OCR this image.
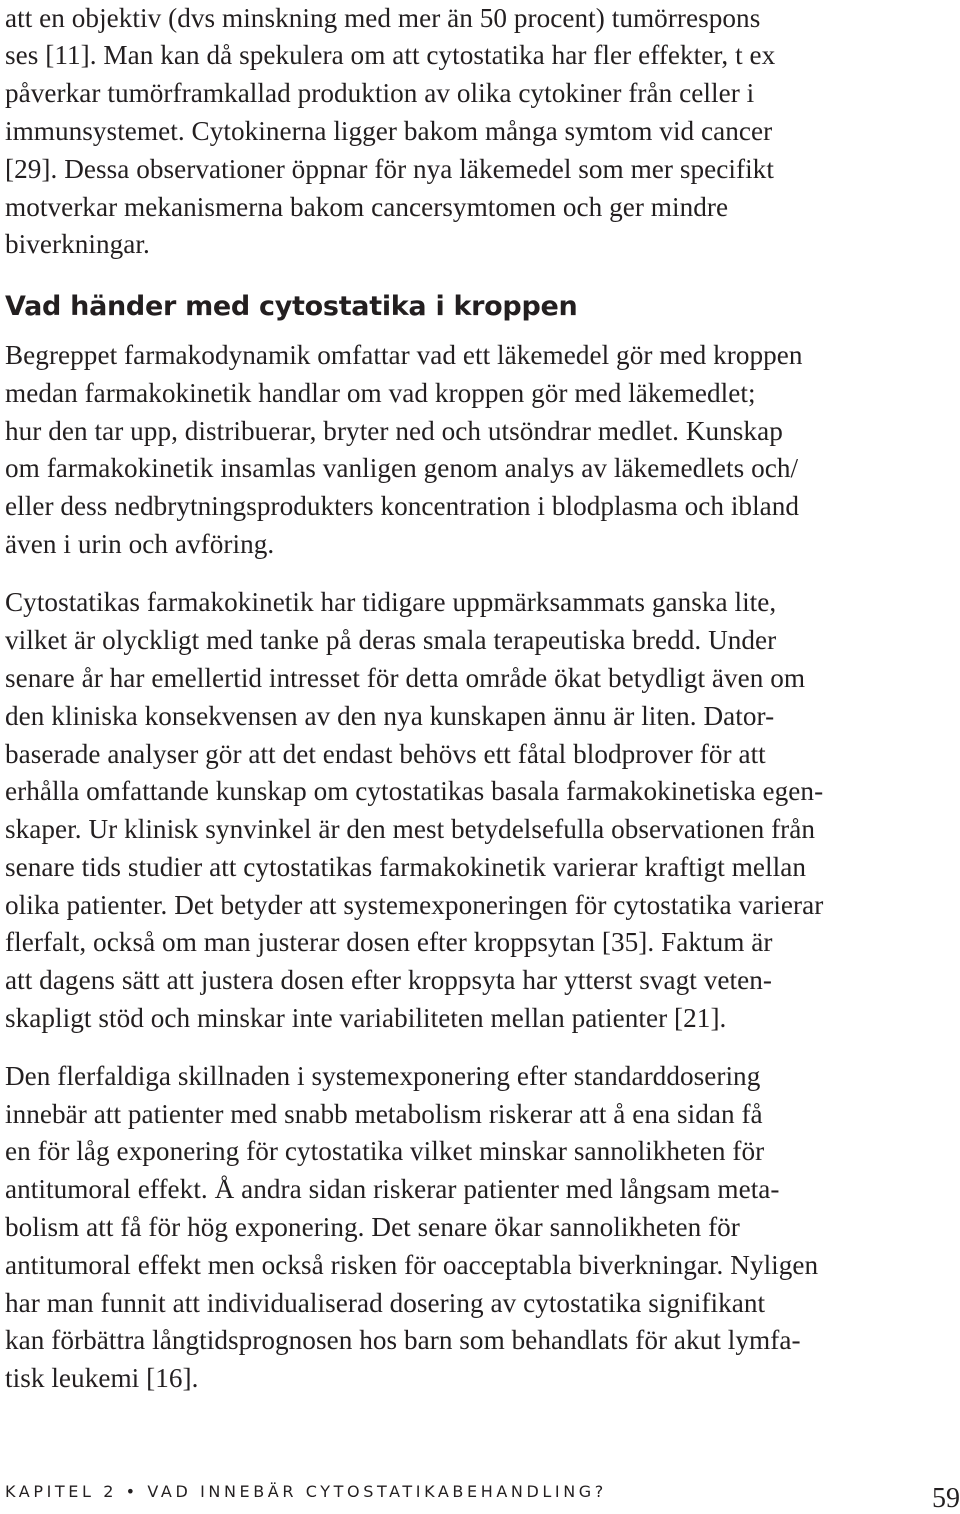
att en objektiv (dvs minskning med mer än 50 procent) tumörrespons
ses [11]. Man kan då spekulera om att cytostatika har fler effekter, t ex
påverkar tumörframkallad produktion av olika cytokiner från celler i
immunsystemet. Cytokinerna ligger bakom många symtom vid cancer
[29]. Dessa observationer öppnar för nya läkemedel som mer specifikt
motverkar mekanismerna bakom cancersymtomen och ger mindre
biverkningar.
Vad händer med cytostatika i kroppen
Begreppet farmakodynamik omfattar vad ett läkemedel gör med kroppen
medan farmakokinetik handlar om vad kroppen gör med läkemedlet;
hur den tar upp, distribuerar, bryter ned och utsöndrar medlet. Kunskap
om farmakokinetik insamlas vanligen genom analys av läkemedlets och/
eller dess nedbrytningsprodukters koncentration i blodplasma och ibland
även i urin och avföring.
Cytostatikas farmakokinetik har tidigare uppmärksammats ganska lite,
vilket är olyckligt med tanke på deras smala terapeutiska bredd. Under
senare år har emellertid intresset för detta område ökat betydligt även om
den kliniska konsekvensen av den nya kunskapen ännu är liten. Dator-
baserade analyser gör att det endast behövs ett fåtal blodprover för att
erhålla omfattande kunskap om cytostatikas basala farmakokinetiska egen-
skaper. Ur klinisk synvinkel är den mest betydelsefulla observationen från
senare tids studier att cytostatikas farmakokinetik varierar kraftigt mellan
olika patienter. Det betyder att systemexponeringen för cytostatika varierar
flerfalt, också om man justerar dosen efter kroppsytan [35]. Faktum är
att dagens sätt att justera dosen efter kroppsyta har ytterst svagt veten-
skapligt stöd och minskar inte variabiliteten mellan patienter [21].
Den flerfaldiga skillnaden i systemexponering efter standarddosering
innebär att patienter med snabb metabolism riskerar att å ena sidan få
en för låg exponering för cytostatika vilket minskar sannolikheten för
antitumoral effekt. Å andra sidan riskerar patienter med långsam meta-
bolism att få för hög exponering. Det senare ökar sannolikheten för
antitumoral effekt men också risken för oacceptabla biverkningar. Nyligen
har man funnit att individualiserad dosering av cytostatika signifikant
kan förbättra långtidsprognosen hos barn som behandlats för akut lymfa-
tisk leukemi [16].
KAPITEL 2 • VAD INNEBÄR CYTOSTATIKABEHANDLING?	59
